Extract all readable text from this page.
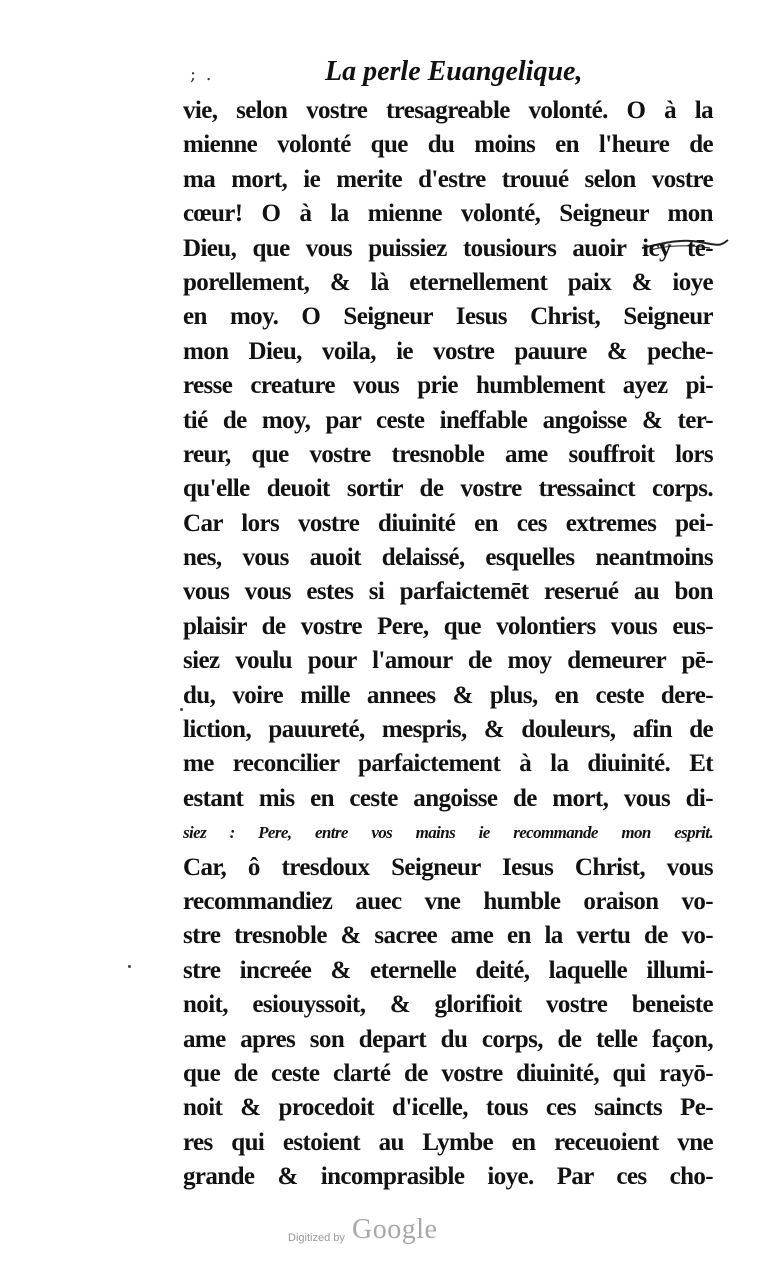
; .	La perle Euangelique,
vie, selon vostre tresagreable volonté. O à la
mienne volonté que du moins en l'heure de
ma mort, ie merite d'estre trouué selon vostre
cœur! O à la mienne volonté, Seigneur mon
Dieu, que vous puissiez tousiours auoir icy tē-
porellement, & là eternellement paix & ioye
en moy. O Seigneur Iesus Christ, Seigneur
mon Dieu, voila, ie vostre pauure & peche-
resse creature vous prie humblement ayez pi-
tié de moy, par ceste ineffable angoisse & ter-
reur, que vostre tresnoble ame souffroit lors
qu'elle deuoit sortir de vostre tressainct corps.
Car lors vostre diuinité en ces extremes pei-
nes, vous auoit delaissé, esquelles neantmoins
vous vous estes si parfaictemēt reserué au bon
plaisir de vostre Pere, que volontiers vous eus-
siez voulu pour l'amour de moy demeurer pē-
du, voire mille annees & plus, en ceste dere-
liction, pauureté, mespris, & douleurs, afin de
me reconcilier parfaictement à la diuinité. Et
estant mis en ceste angoisse de mort, vous di-
siez : Pere, entre vos mains ie recommande mon esprit.
Car, ô tresdoux Seigneur Iesus Christ, vous
recommandiez auec vne humble oraison vo-
stre tresnoble & sacree ame en la vertu de vo-
stre increée & eternelle deité, laquelle illumi-
noit, esiouyssoit, & glorifioit vostre beneiste
ame apres son depart du corps, de telle façon,
que de ceste clarté de vostre diuinité, qui rayō-
noit & procedoit d'icelle, tous ces saincts Pe-
res qui estoient au Lymbe en receuoient vne
grande & incomprasible ioye. Par ces cho-
Digitized by Google
